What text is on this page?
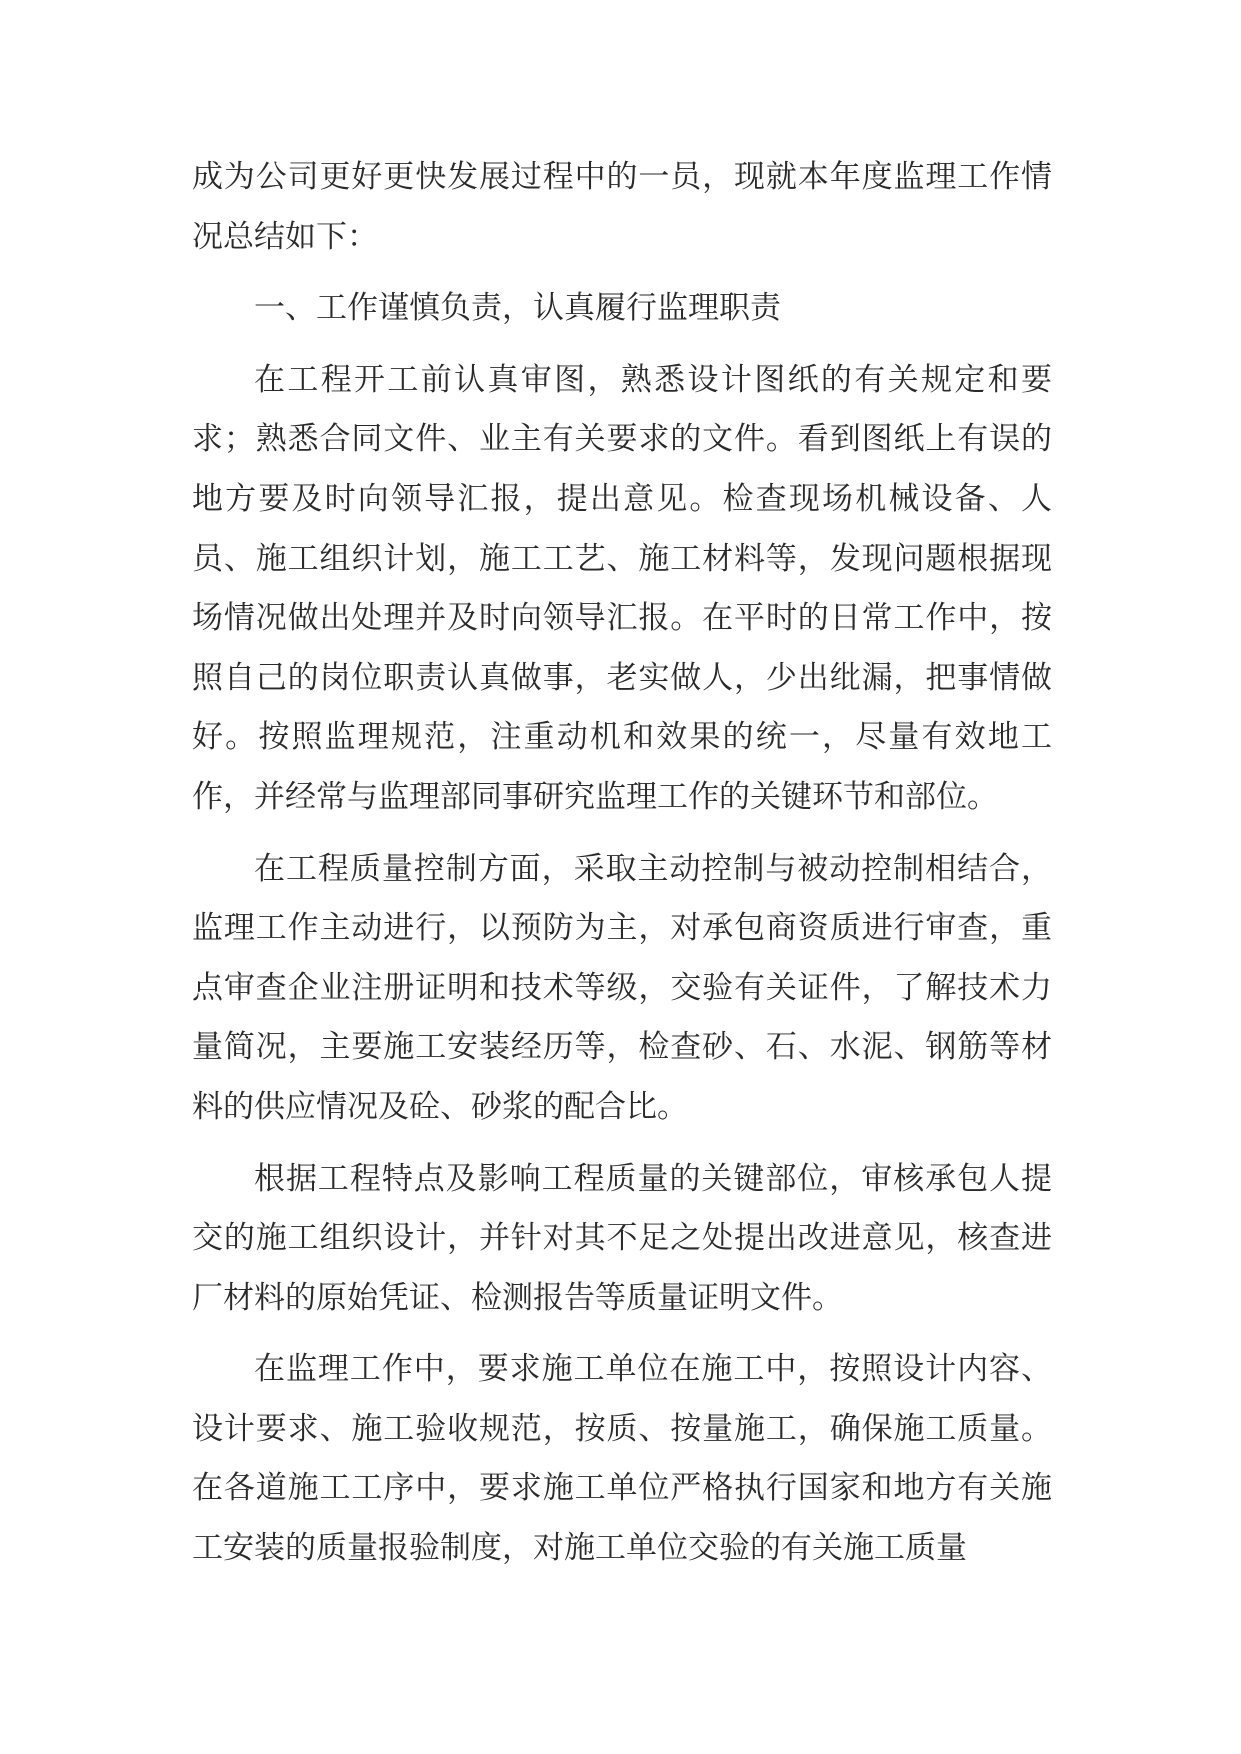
成为公司更好更快发展过程中的一员，现就本年度监理工作情况总结如下：

一、工作谨慎负责，认真履行监理职责

在工程开工前认真审图，熟悉设计图纸的有关规定和要求；熟悉合同文件、业主有关要求的文件。看到图纸上有误的地方要及时向领导汇报，提出意见。检查现场机械设备、人员、施工组织计划，施工工艺、施工材料等，发现问题根据现场情况做出处理并及时向领导汇报。在平时的日常工作中，按照自己的岗位职责认真做事，老实做人，少出纰漏，把事情做好。按照监理规范，注重动机和效果的统一，尽量有效地工作，并经常与监理部同事研究监理工作的关键环节和部位。

在工程质量控制方面，采取主动控制与被动控制相结合，监理工作主动进行，以预防为主，对承包商资质进行审查，重点审查企业注册证明和技术等级，交验有关证件，了解技术力量简况，主要施工安装经历等，检查砂、石、水泥、钢筋等材料的供应情况及砼、砂浆的配合比。

根据工程特点及影响工程质量的关键部位，审核承包人提交的施工组织设计，并针对其不足之处提出改进意见，核查进厂材料的原始凭证、检测报告等质量证明文件。

在监理工作中，要求施工单位在施工中，按照设计内容、设计要求、施工验收规范，按质、按量施工，确保施工质量。在各道施工工序中，要求施工单位严格执行国家和地方有关施工安装的质量报验制度，对施工单位交验的有关施工质量
